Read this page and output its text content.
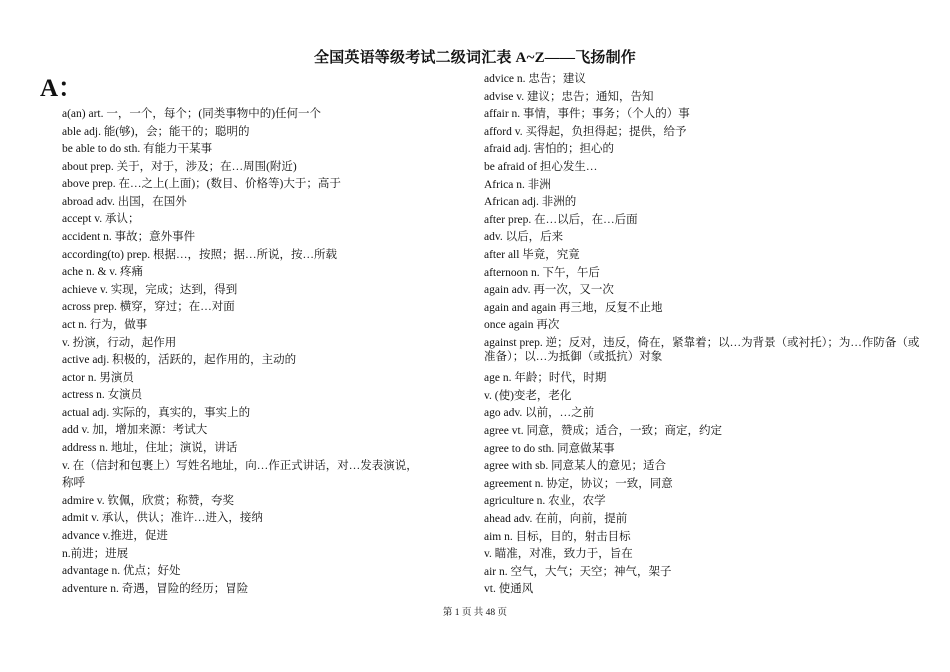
全国英语等级考试二级词汇表 A~Z——飞扬制作
A：
a(an) art. 一，一个，每个；(同类事物中的)任何一个
able adj. 能(够)，会；能干的；聪明的
be able to do sth. 有能力干某事
about prep. 关于，对于，涉及；在…周围(附近)
above prep. 在…之上(上面)；(数目、价格等)大于；高于
abroad adv. 出国，在国外
accept v. 承认；
accident n. 事故；意外事件
according(to) prep. 根据…，按照；据…所说，按…所载
ache n. & v. 疼痛
achieve v. 实现，完成；达到，得到
across prep. 横穿，穿过；在…对面
act n. 行为，做事
v. 扮演，行动，起作用
active adj. 积极的，活跃的，起作用的，主动的
actor n. 男演员
actress n. 女演员
actual adj. 实际的，真实的，事实上的
add v. 加，增加来源：考试大
address n. 地址，住址；演说，讲话
v. 在（信封和包裹上）写姓名地址，向…作正式讲话，对…发表演说，
称呼
admire v. 钦佩，欣赏；称赞，夸奖
admit v. 承认，供认；准许…进入，接纳
advance v.推进，促进
n.前进；进展
advantage n. 优点；好处
adventure n. 奇遇，冒险的经历；冒险
advice n. 忠告；建议
advise v. 建议；忠告；通知，告知
affair n. 事情，事件；事务；（个人的）事
afford v. 买得起，负担得起；提供，给予
afraid adj. 害怕的；担心的
be afraid of 担心发生…
Africa n. 非洲
African adj. 非洲的
after prep. 在…以后，在…后面
adv. 以后，后来
after all 毕竟，究竟
afternoon n. 下午，午后
again adv. 再一次，又一次
again and again 再三地，反复不止地
once again 再次
against prep. 逆；反对，违反，倚在，紧靠着；以…为背景（或衬托）；为…作防备（或准备）；以…为抵御（或抵抗）对象
age n. 年龄；时代，时期
v. (使)变老，老化
ago adv. 以前，…之前
agree vt. 同意，赞成；适合，一致；商定，约定
agree to do sth. 同意做某事
agree with sb. 同意某人的意见；适合
agreement n. 协定，协议；一致，同意
agriculture n. 农业，农学
ahead adv. 在前，向前，提前
aim n. 目标，目的，射击目标
v. 瞄准，对准，致力于，旨在
air n. 空气，大气；天空；神气，架子
vt. 使通风
第 1 页 共 48 页
